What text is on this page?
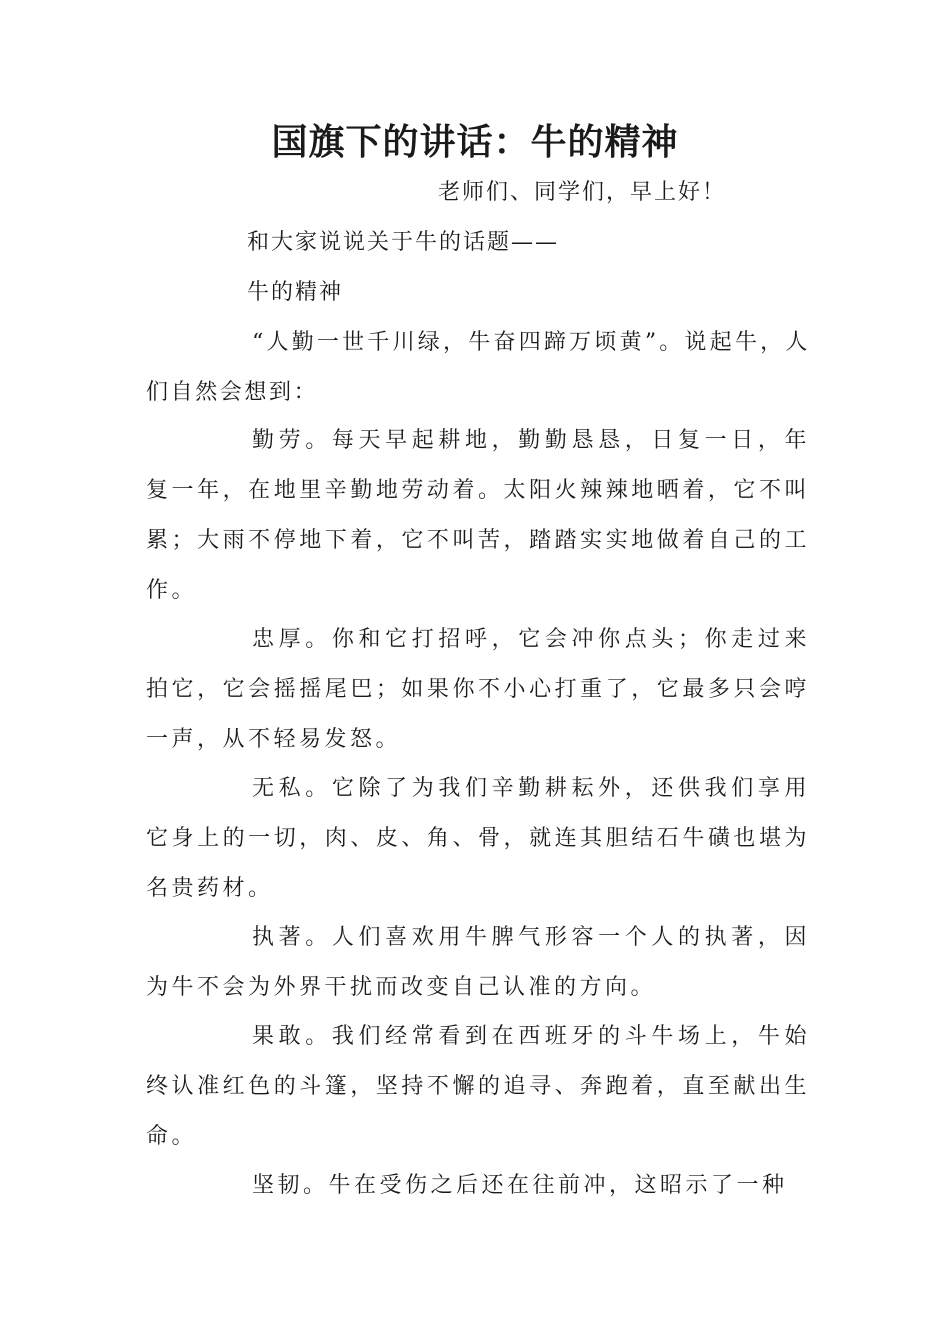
国旗下的讲话：牛的精神
老师们、同学们，早上好！
和大家说说关于牛的话题——
牛的精神

“人勤一世千川绿，牛奋四蹄万顷黄”。说起牛，人们自然会想到：

勤劳。每天早起耕地，勤勤恳恳，日复一日，年复一年，在地里辛勤地劳动着。太阳火辣辣地晒着，它不叫累；大雨不停地下着，它不叫苦，踏踏实实地做着自己的工作。

忠厚。你和它打招呼，它会冲你点头；你走过来拍它，它会摇摇尾巴；如果你不小心打重了，它最多只会哼一声，从不轻易发怒。

无私。它除了为我们辛勤耕耘外，还供我们享用它身上的一切，肉、皮、角、骨，就连其胆结石牛磺也堪为名贵药材。

执著。人们喜欢用牛脾气形容一个人的执著，因为牛不会为外界干扰而改变自己认准的方向。

果敢。我们经常看到在西班牙的斗牛场上，牛始终认准红色的斗篷，坚持不懈的追寻、奔跑着，直至献出生命。

坚韧。牛在受伤之后还在往前冲，这昭示了一种
